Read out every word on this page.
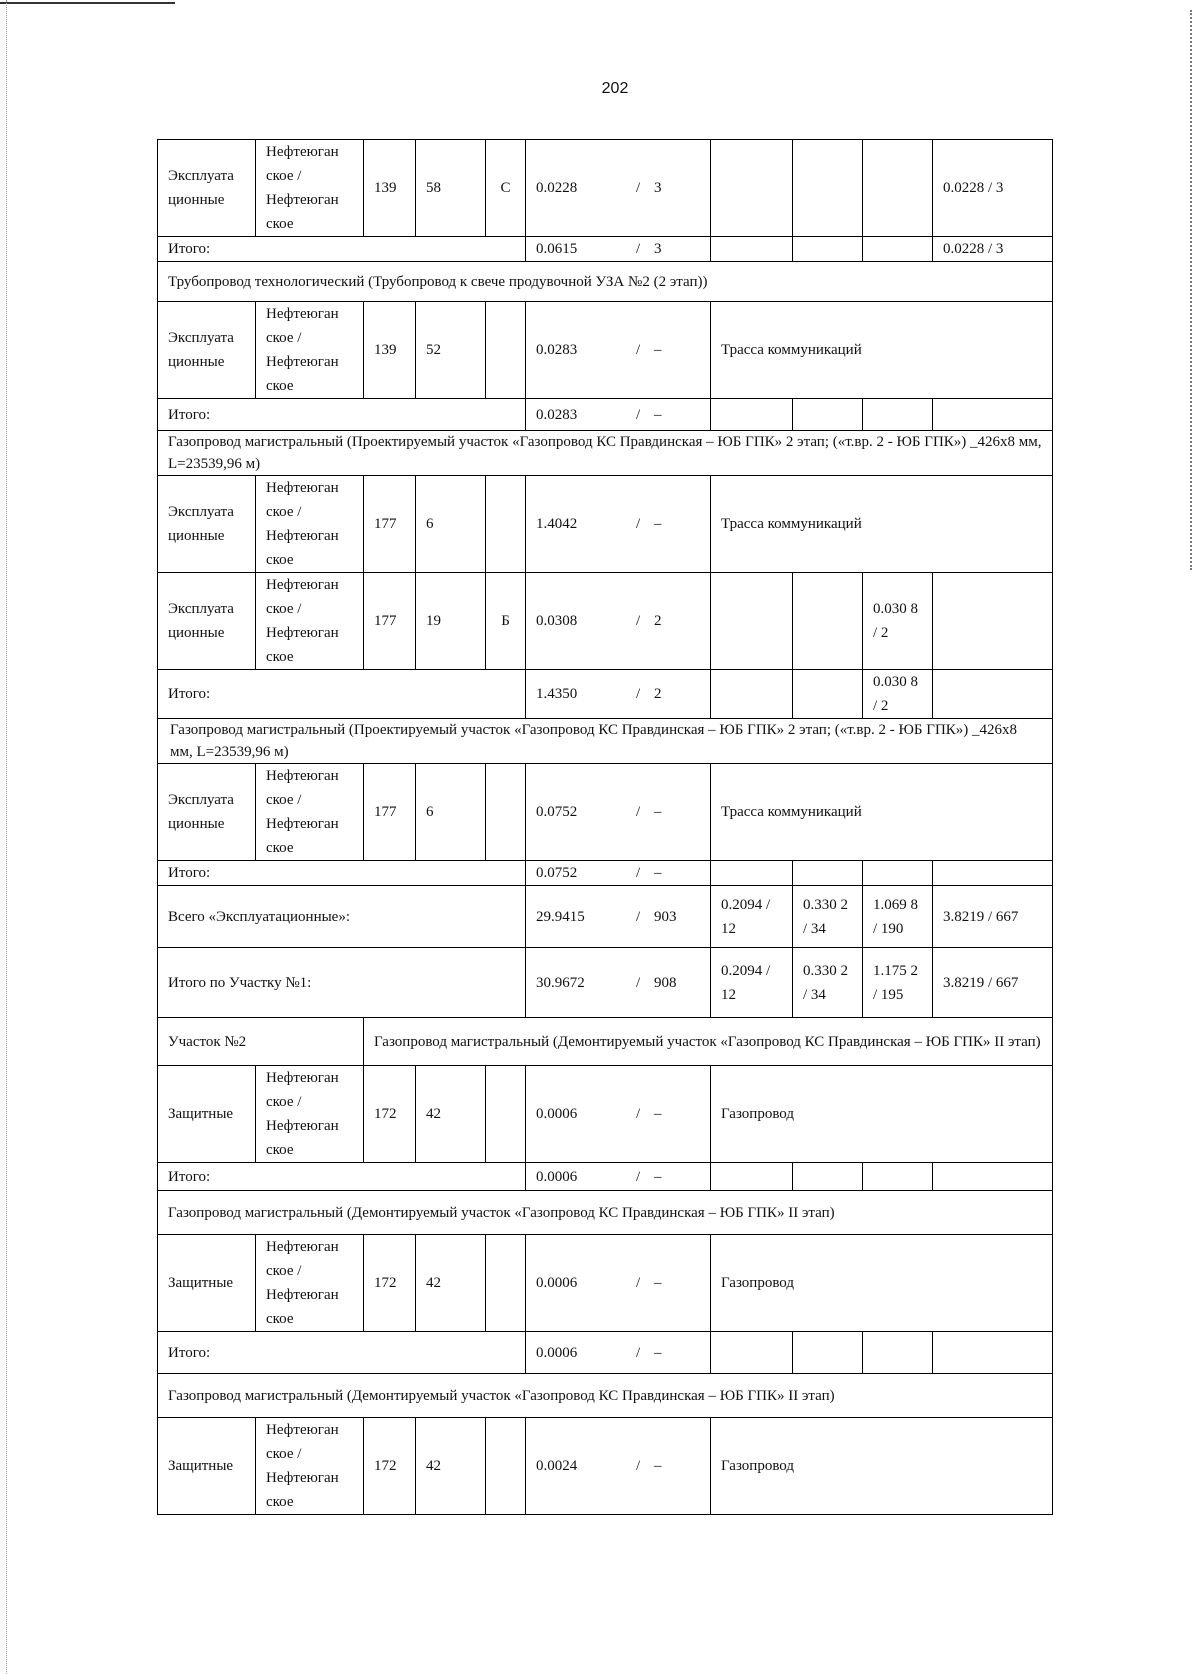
202
Эксплуата ционные	Нефтеюган ское / Нефтеюган ское	139	58	С	0.0228 / 3				0.0228 / 3
Итого:					0.0615 / 3				0.0228 / 3
Трубопровод технологический (Трубопровод к свече продувочной УЗА №2 (2 этап))									
Эксплуата ционные	Нефтеюган ское / Нефтеюган ское	139	52		0.0283 / –	Трасса коммуникаций			
Итого:					0.0283 / –				
Газопровод магистральный (Проектируемый участок «Газопровод КС Правдинская – ЮБ ГПК» 2 этап; («т.вр. 2 - ЮБ ГПК») _426х8 мм, L=23539,96 м)									
Эксплуата ционные	Нефтеюган ское / Нефтеюган ское	177	6		1.4042 / –	Трасса коммуникаций			
Эксплуата ционные	Нефтеюган ское / Нефтеюган ское	177	19	Б	0.0308 / 2			0.030 8 / 2	
Итого:					1.4350 / 2			0.030 8 / 2	
Газопровод магистральный (Проектируемый участок «Газопровод КС Правдинская – ЮБ ГПК» 2 этап; («т.вр. 2 - ЮБ ГПК») _426х8 мм, L=23539,96 м)									
Эксплуата ционные	Нефтеюган ское / Нефтеюган ское	177	6		0.0752 / –	Трасса коммуникаций			
Итого:					0.0752 / –				
Всего «Эксплуатационные»:					29.9415 / 903	0.2094 / 12	0.330 2 / 34	1.069 8 / 190	3.8219 / 667
Итого по Участку №1:					30.9672 / 908	0.2094 / 12	0.330 2 / 34	1.175 2 / 195	3.8219 / 667
Участок №2		Газопровод магистральный (Демонтируемый участок «Газопровод КС Правдинская – ЮБ ГПК» II этап)							
Защитные	Нефтеюган ское / Нефтеюган ское	172	42		0.0006 / –	Газопровод			
Итого:					0.0006 / –				
Газопровод магистральный (Демонтируемый участок «Газопровод КС Правдинская – ЮБ ГПК» II этап)									
Защитные	Нефтеюган ское / Нефтеюган ское	172	42		0.0006 / –	Газопровод			
Итого:					0.0006 / –				
Газопровод магистральный (Демонтируемый участок «Газопровод КС Правдинская – ЮБ ГПК» II этап)									
Защитные	Нефтеюган ское / Нефтеюган ское	172	42		0.0024 / –	Газопровод			
